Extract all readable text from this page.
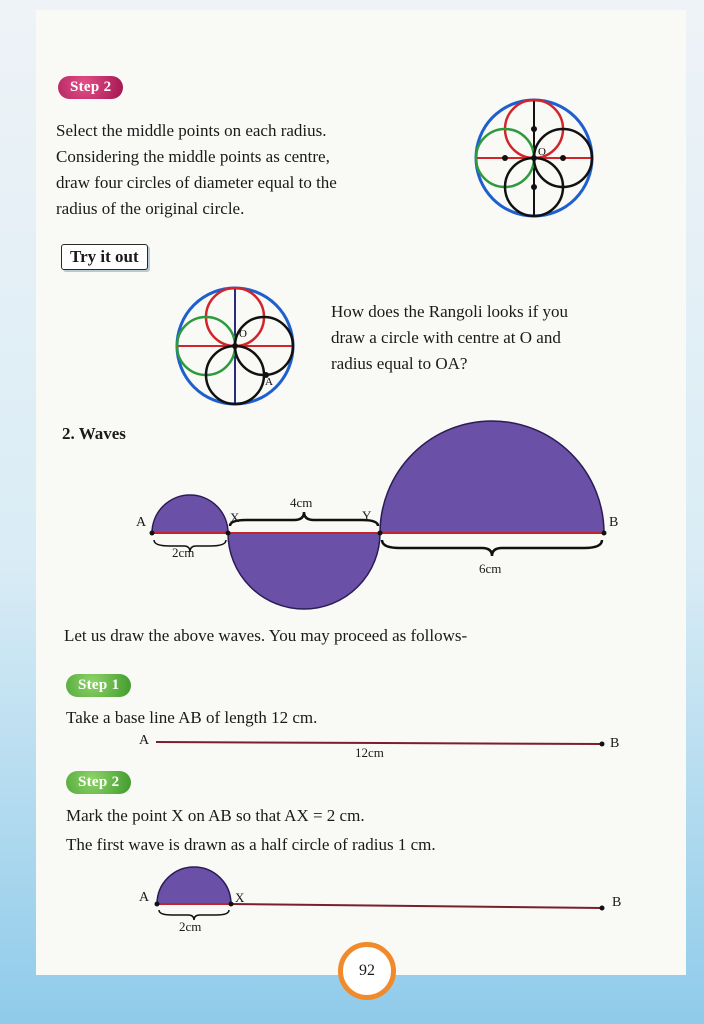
Step 2
Select the middle points on each radius.
Considering the middle points as centre,
draw four circles of diameter equal to the
radius of the original circle.
O
Try it out
O
A
How does the Rangoli looks if you
draw a circle with centre at O and
radius equal to OA?
2. Waves
A	X	Y	B
2cm
4cm
6cm
Let us draw the above waves. You may proceed as follows-
Step 1
Take a base line AB of length 12 cm.
A	B
12cm
Step 2
Mark the point X on AB so that AX = 2 cm.
The first wave is drawn as a half circle of radius 1 cm.
A	X	B
2cm
92
